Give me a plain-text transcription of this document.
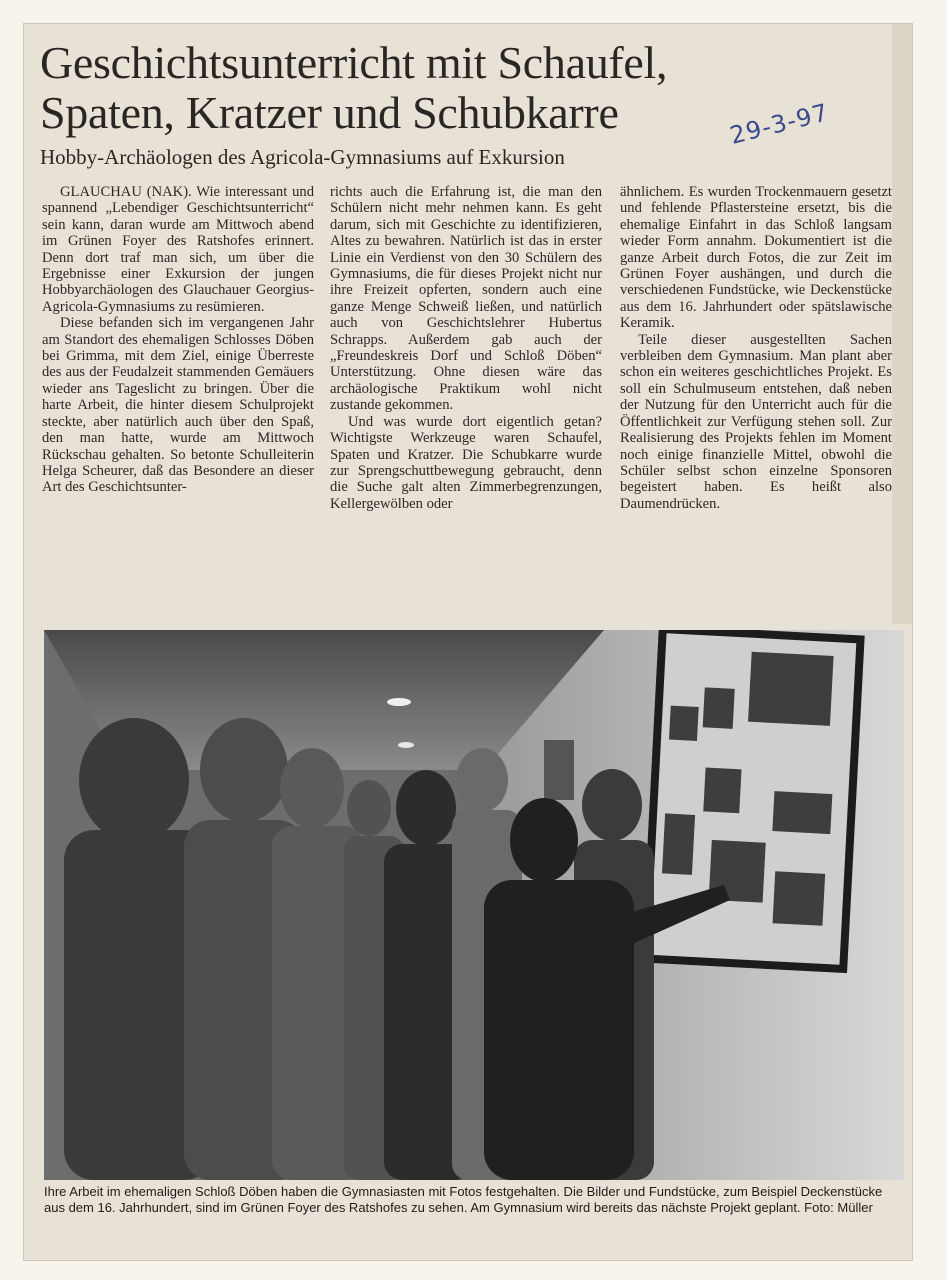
Geschichtsunterricht mit Schaufel,
Spaten, Kratzer und Schubkarre	29-3-97
Hobby-Archäologen des Agricola-Gymnasiums auf Exkursion

GLAUCHAU (NAK). Wie interessant und spannend „Lebendiger Geschichtsunterricht“ sein kann, daran wurde am Mittwoch abend im Grünen Foyer des Ratshofes erinnert. Denn dort traf man sich, um über die Ergebnisse einer Exkursion der jungen Hobbyarchäologen des Glauchauer Georgius-Agricola-Gymnasiums zu resümieren.

Diese befanden sich im vergangenen Jahr am Standort des ehemaligen Schlosses Döben bei Grimma, mit dem Ziel, einige Überreste des aus der Feudalzeit stammenden Gemäuers wieder ans Tageslicht zu bringen. Über die harte Arbeit, die hinter diesem Schulprojekt steckte, aber natürlich auch über den Spaß, den man hatte, wurde am Mittwoch Rückschau gehalten. So betonte Schulleiterin Helga Scheurer, daß das Besondere an dieser Art des Geschichtsunter-

richts auch die Erfahrung ist, die man den Schülern nicht mehr nehmen kann. Es geht darum, sich mit Geschichte zu identifizieren, Altes zu bewahren. Natürlich ist das in erster Linie ein Verdienst von den 30 Schülern des Gymnasiums, die für dieses Projekt nicht nur ihre Freizeit opferten, sondern auch eine ganze Menge Schweiß ließen, und natürlich auch von Geschichtslehrer Hubertus Schrapps. Außerdem gab auch der „Freundeskreis Dorf und Schloß Döben“ Unterstützung. Ohne diesen wäre das archäologische Praktikum wohl nicht zustande gekommen.

Und was wurde dort eigentlich getan? Wichtigste Werkzeuge waren Schaufel, Spaten und Kratzer. Die Schubkarre wurde zur Sprengschuttbewegung gebraucht, denn die Suche galt alten Zimmerbegrenzungen, Kellergewölben oder

ähnlichem. Es wurden Trockenmauern gesetzt und fehlende Pflastersteine ersetzt, bis die ehemalige Einfahrt in das Schloß langsam wieder Form annahm. Dokumentiert ist die ganze Arbeit durch Fotos, die zur Zeit im Grünen Foyer aushängen, und durch die verschiedenen Fundstücke, wie Deckenstücke aus dem 16. Jahrhundert oder spätslawische Keramik.

Teile dieser ausgestellten Sachen verbleiben dem Gymnasium. Man plant aber schon ein weiteres geschichtliches Projekt. Es soll ein Schulmuseum entstehen, daß neben der Nutzung für den Unterricht auch für die Öffentlichkeit zur Verfügung stehen soll. Zur Realisierung des Projekts fehlen im Moment noch einige finanzielle Mittel, obwohl die Schüler selbst schon einzelne Sponsoren begeistert haben. Es heißt also Daumendrücken.

Ihre Arbeit im ehemaligen Schloß Döben haben die Gymnasiasten mit Fotos festgehalten. Die Bilder und Fundstücke, zum Beispiel Deckenstücke aus dem 16. Jahrhundert, sind im Grünen Foyer des Ratshofes zu sehen. Am Gymnasium wird bereits das nächste Projekt geplant. Foto: Müller
